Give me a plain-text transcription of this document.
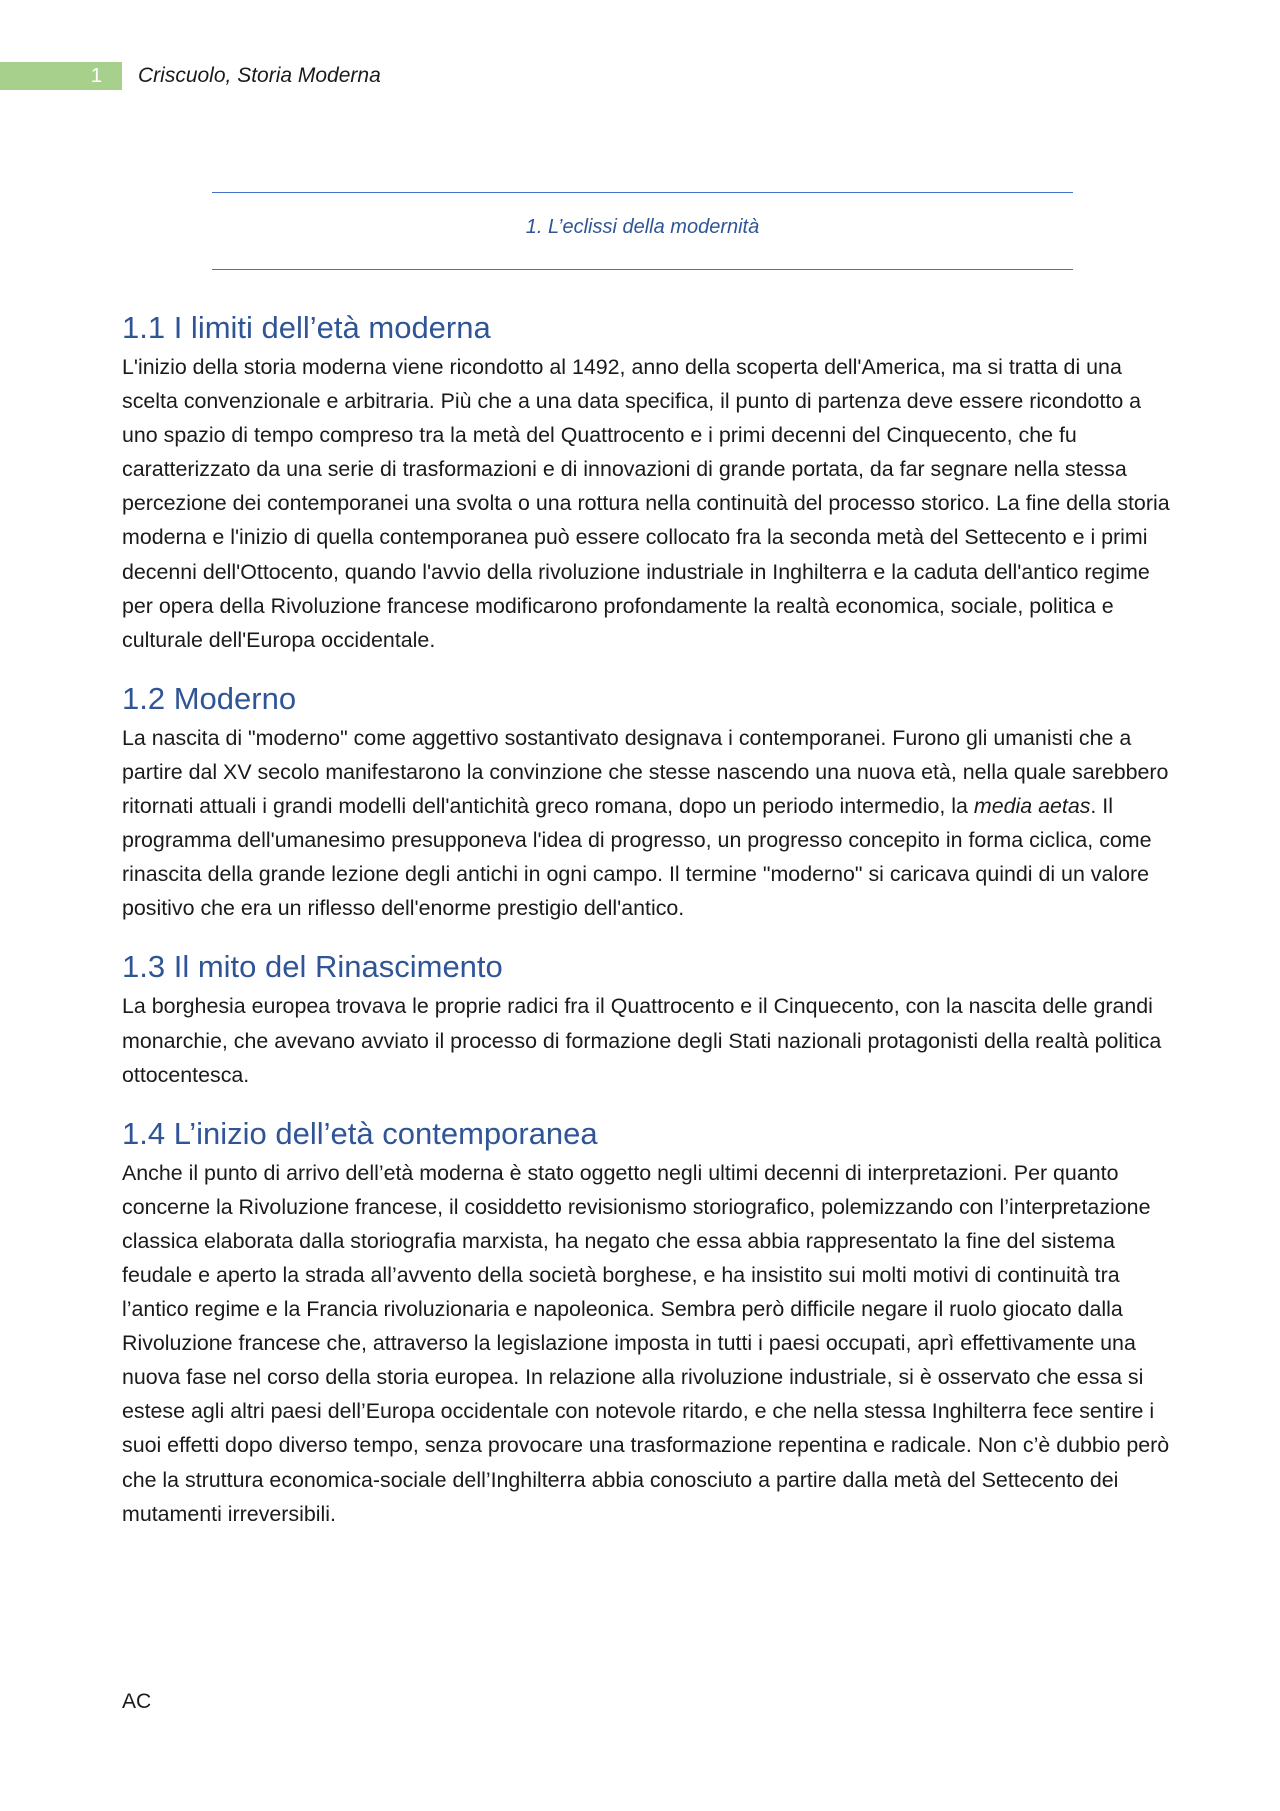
1	Criscuolo, Storia Moderna
1. L’eclissi della modernità
1.1 I limiti dell’età moderna

L'inizio della storia moderna viene ricondotto al 1492, anno della scoperta dell'America, ma si tratta di una scelta convenzionale e arbitraria. Più che a una data specifica, il punto di partenza deve essere ricondotto a uno spazio di tempo compreso tra la metà del Quattrocento e i primi decenni del Cinquecento, che fu caratterizzato da una serie di trasformazioni e di innovazioni di grande portata, da far segnare nella stessa percezione dei contemporanei una svolta o una rottura nella continuità del processo storico. La fine della storia moderna e l'inizio di quella contemporanea può essere collocato fra la seconda metà del Settecento e i primi decenni dell'Ottocento, quando l'avvio della rivoluzione industriale in Inghilterra e la caduta dell'antico regime per opera della Rivoluzione francese modificarono profondamente la realtà economica, sociale, politica e culturale dell'Europa occidentale.

1.2 Moderno

La nascita di "moderno" come aggettivo sostantivato designava i contemporanei. Furono gli umanisti che a partire dal XV secolo manifestarono la convinzione che stesse nascendo una nuova età, nella quale sarebbero ritornati attuali i grandi modelli dell'antichità greco romana, dopo un periodo intermedio, la media aetas. Il programma dell'umanesimo presupponeva l'idea di progresso, un progresso concepito in forma ciclica, come rinascita della grande lezione degli antichi in ogni campo. Il termine "moderno" si caricava quindi di un valore positivo che era un riflesso dell'enorme prestigio dell'antico.

1.3 Il mito del Rinascimento

La borghesia europea trovava le proprie radici fra il Quattrocento e il Cinquecento, con la nascita delle grandi monarchie, che avevano avviato il processo di formazione degli Stati nazionali protagonisti della realtà politica ottocentesca.

1.4 L’inizio dell’età contemporanea

Anche il punto di arrivo dell’età moderna è stato oggetto negli ultimi decenni di interpretazioni. Per quanto concerne la Rivoluzione francese, il cosiddetto revisionismo storiografico, polemizzando con l’interpretazione classica elaborata dalla storiografia marxista, ha negato che essa abbia rappresentato la fine del sistema feudale e aperto la strada all’avvento della società borghese, e ha insistito sui molti motivi di continuità tra l’antico regime e la Francia rivoluzionaria e napoleonica. Sembra però difficile negare il ruolo giocato dalla Rivoluzione francese che, attraverso la legislazione imposta in tutti i paesi occupati, aprì effettivamente una nuova fase nel corso della storia europea. In relazione alla rivoluzione industriale, si è osservato che essa si estese agli altri paesi dell’Europa occidentale con notevole ritardo, e che nella stessa Inghilterra fece sentire i suoi effetti dopo diverso tempo, senza provocare una trasformazione repentina e radicale. Non c’è dubbio però che la struttura economica-sociale dell’Inghilterra abbia conosciuto a partire dalla metà del Settecento dei mutamenti irreversibili.

AC
